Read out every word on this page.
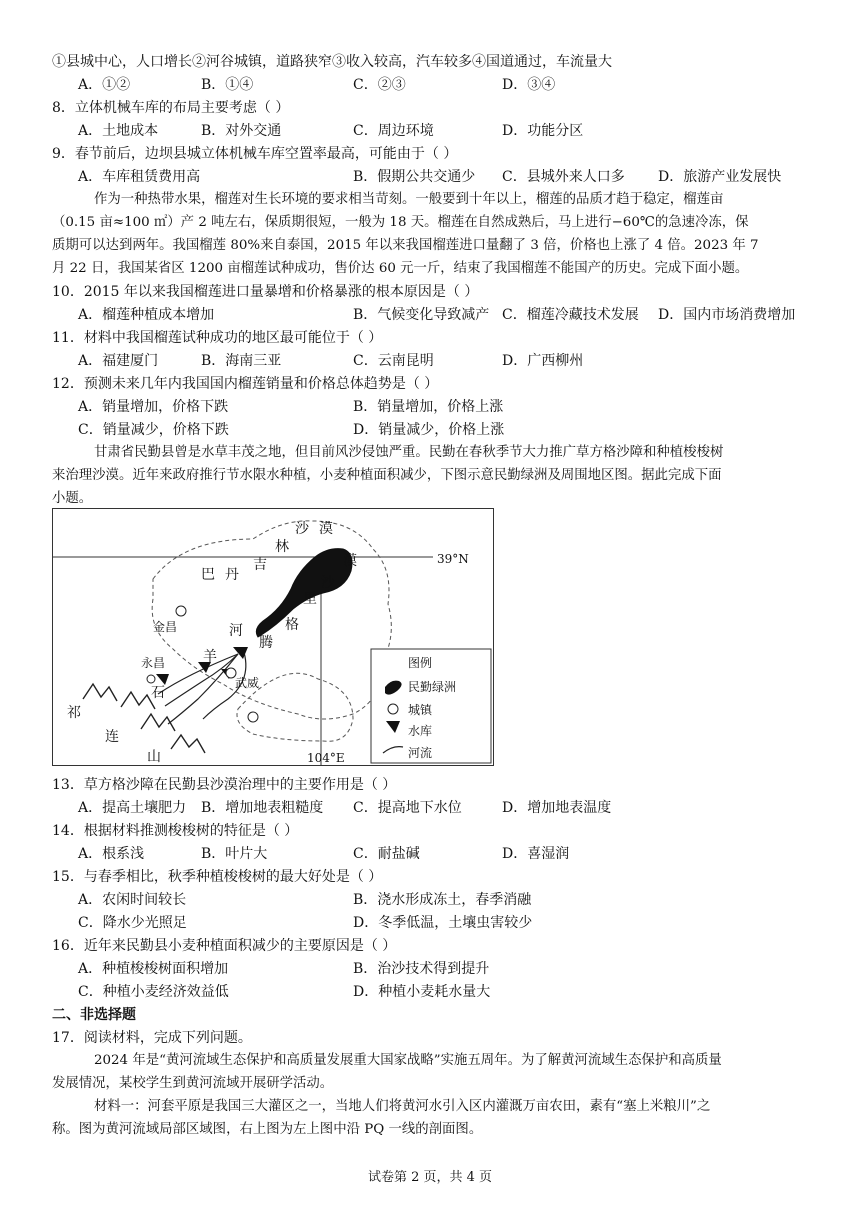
①县城中心，人口增长②河谷城镇，道路狭窄③收入较高，汽车较多④国道通过，车流量大
A．①②	B．①④	C．②③	D．③④
8．立体机械车库的布局主要考虑（ ）
A．土地成本	B．对外交通	C．周边环境	D．功能分区
9．春节前后，边坝县城立体机械车库空置率最高，可能由于（ ）
A．车库租赁费用高	B．假期公共交通少 C．县城外来人口多 D．旅游产业发展快
作为一种热带水果，榴莲对生长环境的要求相当苛刻。一般要到十年以上，榴莲的品质才趋于稳定，榴莲亩
（0.15 亩≈100 ㎡）产 2 吨左右，保质期很短，一般为 18 天。榴莲在自然成熟后，马上进行−60℃的急速冷冻，保
质期可以达到两年。我国榴莲 80%来自泰国，2015 年以来我国榴莲进口量翻了 3 倍，价格也上涨了 4 倍。2023 年 7
月 22 日，我国某省区 1200 亩榴莲试种成功，售价达 60 元一斤，结束了我国榴莲不能国产的历史。完成下面小题。
10．2015 年以来我国榴莲进口量暴增和价格暴涨的根本原因是（ ）
A．榴莲种植成本增加	B．气候变化导致减产 C．榴莲冷藏技术发展 D．国内市场消费增加
11．材料中我国榴莲试种成功的地区最可能位于（ ）
A．福建厦门	B．海南三亚	C．云南昆明	D．广西柳州
12．预测未来几年内我国国内榴莲销量和价格总体趋势是（ ）
A．销量增加，价格下跌	B．销量增加，价格上涨
C．销量减少，价格下跌	D．销量减少，价格上涨
甘肃省民勤县曾是水草丰茂之地，但目前风沙侵蚀严重。民勤在春秋季节大力推广草方格沙障和种植梭梭树
来治理沙漠。近年来政府推行节水限水种植，小麦种植面积减少，下图示意民勤绿洲及周围地区图。据此完成下面
小题。
沙 漠
林
吉	漠
巴 丹	沙
里
河	格
腾
金昌
永昌	羊
石
武威
祁
连
山
39°N
104°E
图例
民勤绿洲
城镇
水库
河流
13．草方格沙障在民勤县沙漠治理中的主要作用是（ ）
A．提高土壤肥力 B．增加地表粗糙度 C．提高地下水位	D．增加地表温度
14．根据材料推测梭梭树的特征是（ ）
A．根系浅	B．叶片大	C．耐盐碱	D．喜湿润
15．与春季相比，秋季种植梭梭树的最大好处是（ ）
A．农闲时间较长	B．浇水形成冻土，春季消融
C．降水少光照足	D．冬季低温，土壤虫害较少
16．近年来民勤县小麦种植面积减少的主要原因是（ ）
A．种植梭梭树面积增加	B．治沙技术得到提升
C．种植小麦经济效益低	D．种植小麦耗水量大
二、非选择题
17．阅读材料，完成下列问题。
2024 年是“黄河流域生态保护和高质量发展重大国家战略”实施五周年。为了解黄河流域生态保护和高质量
发展情况，某校学生到黄河流域开展研学活动。
材料一：河套平原是我国三大灌区之一，当地人们将黄河水引入区内灌溉万亩农田，素有“塞上米粮川”之
称。图为黄河流域局部区域图，右上图为左上图中沿 PQ 一线的剖面图。
试卷第 2 页，共 4 页
